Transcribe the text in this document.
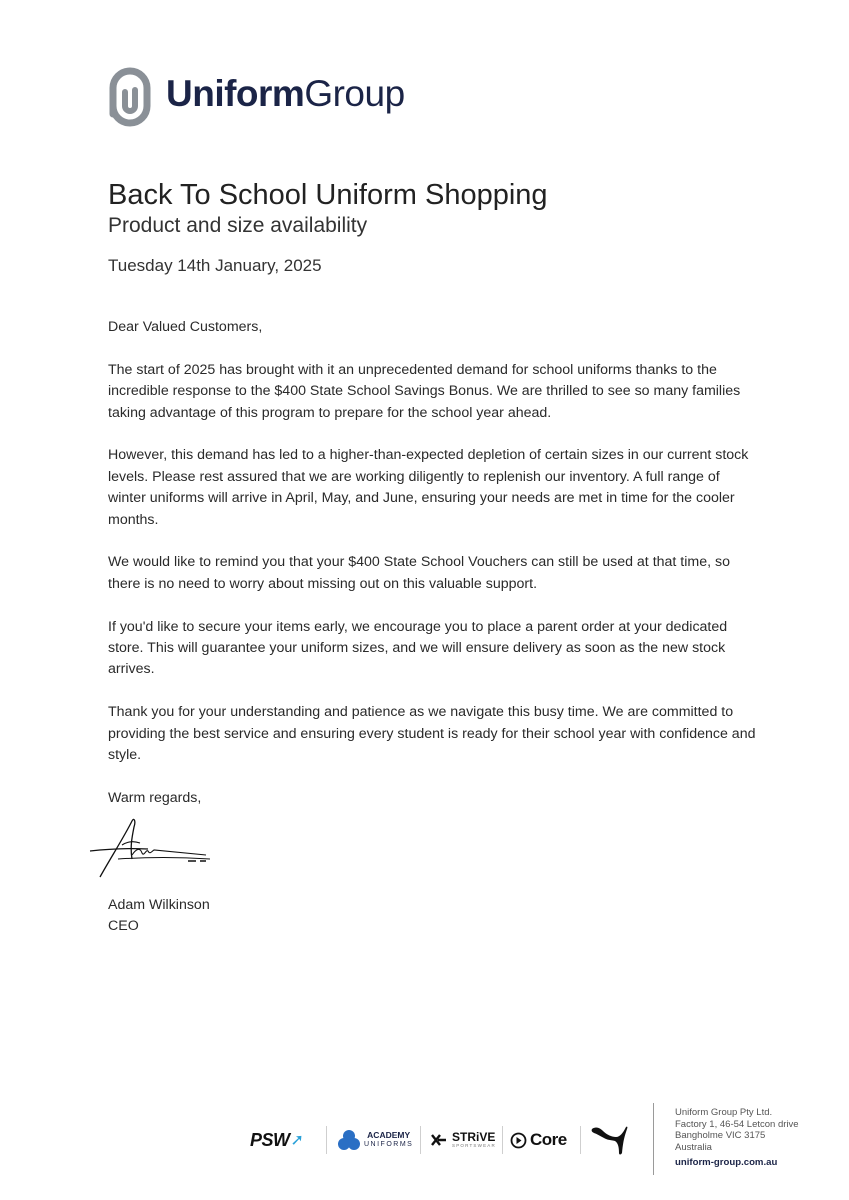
UniformGroup
Back To School Uniform Shopping
Product and size availability
Tuesday 14th January, 2025

Dear Valued Customers,

The start of 2025 has brought with it an unprecedented demand for school uniforms thanks to the incredible response to the $400 State School Savings Bonus. We are thrilled to see so many families taking advantage of this program to prepare for the school year ahead.

However, this demand has led to a higher-than-expected depletion of certain sizes in our current stock levels. Please rest assured that we are working diligently to replenish our inventory. A full range of winter uniforms will arrive in April, May, and June, ensuring your needs are met in time for the cooler months.

We would like to remind you that your $400 State School Vouchers can still be used at that time, so there is no need to worry about missing out on this valuable support.

If you'd like to secure your items early, we encourage you to place a parent order at your dedicated store. This will guarantee your uniform sizes, and we will ensure delivery as soon as the new stock arrives.

Thank you for your understanding and patience as we navigate this busy time. We are committed to providing the best service and ensuring every student is ready for their school year with confidence and style.

Warm regards,

Adam Wilkinson
CEO
PSW ➚	ACADEMY
UNIFORMS
STRiVE
SPORTSWEAR Core
Uniform Group Pty Ltd.
Factory 1, 46-54 Letcon drive
Bangholme VIC 3175
Australia
uniform-group.com.au
